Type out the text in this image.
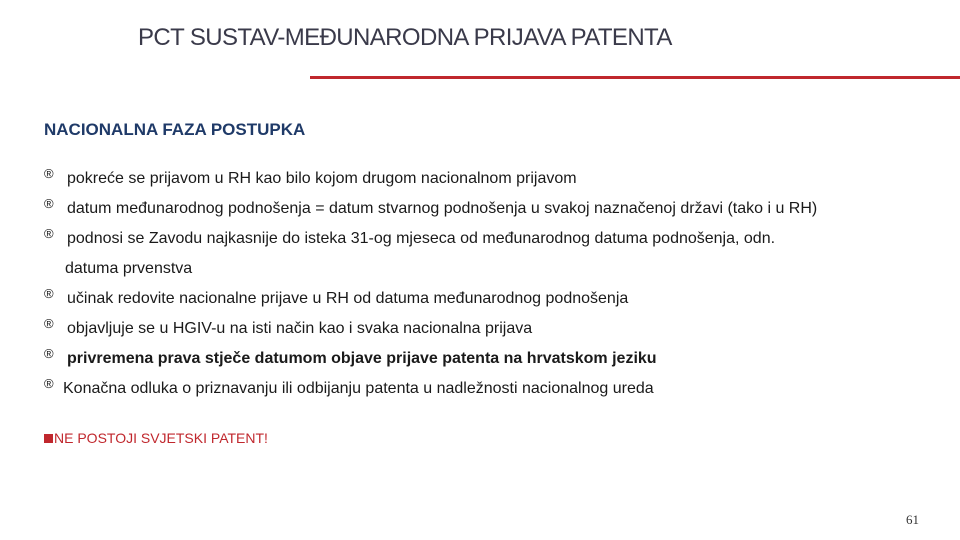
PCT SUSTAV-MEĐUNARODNA PRIJAVA PATENTA
NACIONALNA FAZA POSTUPKA
® pokreće se prijavom u RH kao bilo kojom drugom nacionalnom prijavom
® datum međunarodnog podnošenja = datum stvarnog podnošenja u svakoj naznačenoj državi (tako i u RH)
® podnosi se Zavodu najkasnije do isteka 31-og mjeseca od međunarodnog datuma podnošenja, odn.
datuma prvenstva
® učinak redovite nacionalne prijave u RH od datuma međunarodnog podnošenja
® objavljuje se u HGIV-u na isti način kao i svaka nacionalna prijava
® privremena prava stječe datumom objave prijave patenta na hrvatskom jeziku
® Konačna odluka o priznavanju ili odbijanju patenta u nadležnosti nacionalnog ureda
NE POSTOJI SVJETSKI PATENT!
61
